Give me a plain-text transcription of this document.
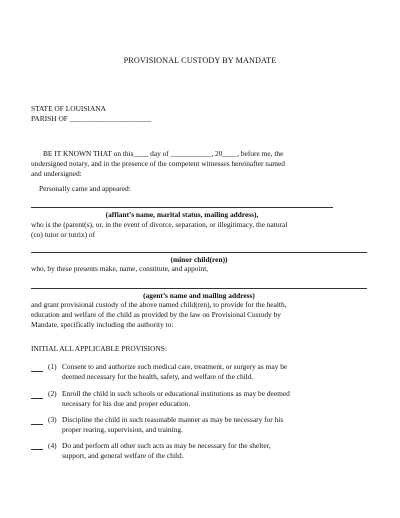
PROVISIONAL CUSTODY BY MANDATE
STATE OF LOUISIANA
PARISH OF ______________________
BE IT KNOWN THAT on this____ day of ___________, 20____, before me, the
undersigned notary, and in the presence of the competent witnesses hereinafter named
and undersigned:
Personally came and appeared:
(affiant’s name, marital status, mailing address),
who is the (parent(s), or, in the event of divorce, separation, or illegitimacy, the natural
(co) tutor or tutrix) of
(minor child(ren))
who, by these presents make, name, constitute, and appoint,
(agent’s name and mailing address)
and grant provisional custody of the above named child(ren), to provide for the health,
education and welfare of the child as provided by the law on Provisional Custody by
Mandate, specifically including the authority to:
INITIAL ALL APPLICABLE PROVISIONS:
(1) Consent to and authorize such medical care, treatment, or surgery as may be
deemed necessary for the health, safety, and welfare of the child.
(2) Enroll the child in such schools or educational institutions as may be deemed
necessary for his due and proper education.
(3) Discipline the child in such reasonable manner as may be necessary for his
proper rearing, supervision, and training.
(4) Do and perform all other such acts as may be necessary for the shelter,
support, and general welfare of the child.
